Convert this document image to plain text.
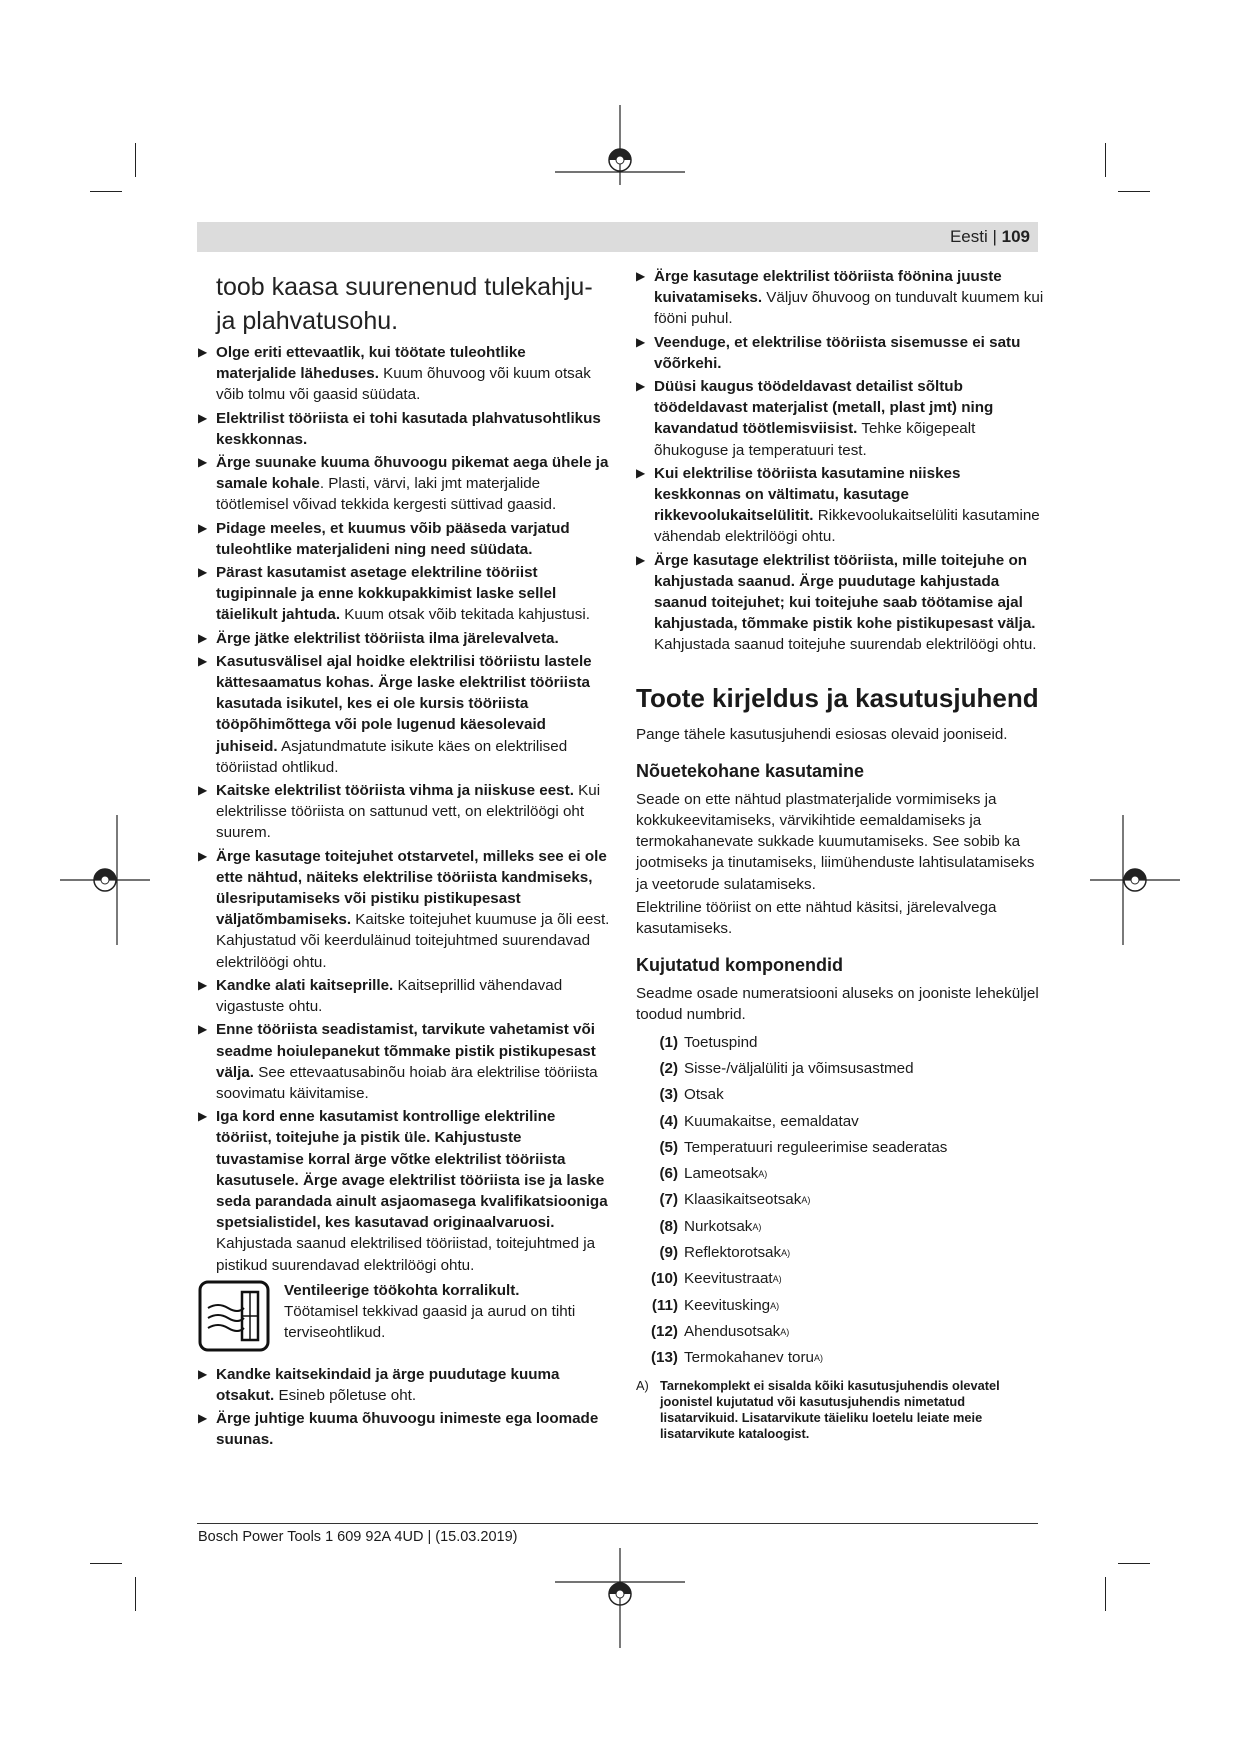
Eesti | 109
toob kaasa suurenenud tulekahju- ja plahvatusohu.
▶ Olge eriti ettevaatlik, kui töötate tuleohtlike materjalide läheduses. Kuum õhuvoog või kuum otsak võib tolmu või gaasid süüdata.
▶ Elektrilist tööriista ei tohi kasutada plahvatusohtlikus keskkonnas.
▶ Ärge suunake kuuma õhuvoogu pikemat aega ühele ja samale kohale. Plasti, värvi, laki jmt materjalide töötlemisel võivad tekkida kergesti süttivad gaasid.
▶ Pidage meeles, et kuumus võib pääseda varjatud tuleohtlike materjalideni ning need süüdata.
▶ Pärast kasutamist asetage elektriline tööriist tugipinnale ja enne kokkupakkimist laske sellel täielikult jahtuda. Kuum otsak võib tekitada kahjustusi.
▶ Ärge jätke elektrilist tööriista ilma järelevalveta.
▶ Kasutusvälisel ajal hoidke elektrilisi tööriistu lastele kättesaamatus kohas. Ärge laske elektrilist tööriista kasutada isikutel, kes ei ole kursis tööriista tööpõhimõttega või pole lugenud käesolevaid juhiseid. Asjatundmatute isikute käes on elektrilised tööriistad ohtlikud.
▶ Kaitske elektrilist tööriista vihma ja niiskuse eest. Kui elektrilisse tööriista on sattunud vett, on elektrilöögi oht suurem.
▶ Ärge kasutage toitejuhet otstarvetel, milleks see ei ole ette nähtud, näiteks elektrilise tööriista kandmiseks, ülesriputamiseks või pistiku pistikupesast väljatõmbamiseks. Kaitske toitejuhet kuumuse ja õli eest. Kahjustatud või keerduläinud toitejuhtmed suurendavad elektrilöögi ohtu.
▶ Kandke alati kaitseprille. Kaitseprillid vähendavad vigastuste ohtu.
▶ Enne tööriista seadistamist, tarvikute vahetamist või seadme hoiulepanekut tõmmake pistik pistikupesast välja. See ettevaatusabinõu hoiab ära elektrilise tööriista soovimatu käivitamise.
▶ Iga kord enne kasutamist kontrollige elektriline tööriist, toitejuhe ja pistik üle. Kahjustuste tuvastamise korral ärge võtke elektrilist tööriista kasutusele. Ärge avage elektrilist tööriista ise ja laske seda parandada ainult asjaomasega kvalifikatsiooniga spetsialistidel, kes kasutavad originaalvaruosi. Kahjustada saanud elektrilised tööriistad, toitejuhtmed ja pistikud suurendavad elektrilöögi ohtu.
Ventileerige töökohta korralikult.
Töötamisel tekkivad gaasid ja aurud on tihti terviseohtlikud.
▶ Kandke kaitsekindaid ja ärge puudutage kuuma otsakut. Esineb põletuse oht.
▶ Ärge juhtige kuuma õhuvoogu inimeste ega loomade suunas.
▶ Ärge kasutage elektrilist tööriista föönina juuste kuivatamiseks. Väljuv õhuvoog on tunduvalt kuumem kui fööni puhul.
▶ Veenduge, et elektrilise tööriista sisemusse ei satu võõrkehi.
▶ Düüsi kaugus töödeldavast detailist sõltub töödeldavast materjalist (metall, plast jmt) ning kavandatud töötlemisviisist. Tehke kõigepealt õhukoguse ja temperatuuri test.
▶ Kui elektrilise tööriista kasutamine niiskes keskkonnas on vältimatu, kasutage rikkevoolukaitselülitit. Rikkevoolukaitselüliti kasutamine vähendab elektrilöögi ohtu.
▶ Ärge kasutage elektrilist tööriista, mille toitejuhe on kahjustada saanud. Ärge puudutage kahjustada saanud toitejuhet; kui toitejuhe saab töötamise ajal kahjustada, tõmmake pistik kohe pistikupesast välja. Kahjustada saanud toitejuhe suurendab elektrilöögi ohtu.
Toote kirjeldus ja kasutusjuhend

Pange tähele kasutusjuhendi esiosas olevaid jooniseid.

Nõuetekohane kasutamine

Seade on ette nähtud plastmaterjalide vormimiseks ja kokkukeevitamiseks, värvikihtide eemaldamiseks ja termokahanevate sukkade kuumutamiseks. See sobib ka jootmiseks ja tinutamiseks, liimühenduste lahtisulatamiseks ja veetorude sulatamiseks.

Elektriline tööriist on ette nähtud käsitsi, järelevalvega kasutamiseks.

Kujutatud komponendid

Seadme osade numeratsiooni aluseks on jooniste leheküljel toodud numbrid.

(1) Toetuspind
(2) Sisse-/väljalüliti ja võimsusastmed
(3) Otsak
(4) Kuumakaitse, eemaldatav
(5) Temperatuuri reguleerimise seaderatas
(6) Lameotsak A)
(7) Klaasikaitseotsak A)
(8) Nurkotsak A)
(9) Reflektorotsak A)
(10) Keevitustraat A)
(11) Keevitusking A)
(12) Ahendusotsak A)
(13) Termokahanev toru A)
A) Tarnekomplekt ei sisalda kõiki kasutusjuhendis olevatel joonistel kujutatud või kasutusjuhendis nimetatud lisatarvikuid. Lisatarvikute täieliku loetelu leiate meie lisatarvikute kataloogist.
Bosch Power Tools 1 609 92A 4UD | (15.03.2019)
